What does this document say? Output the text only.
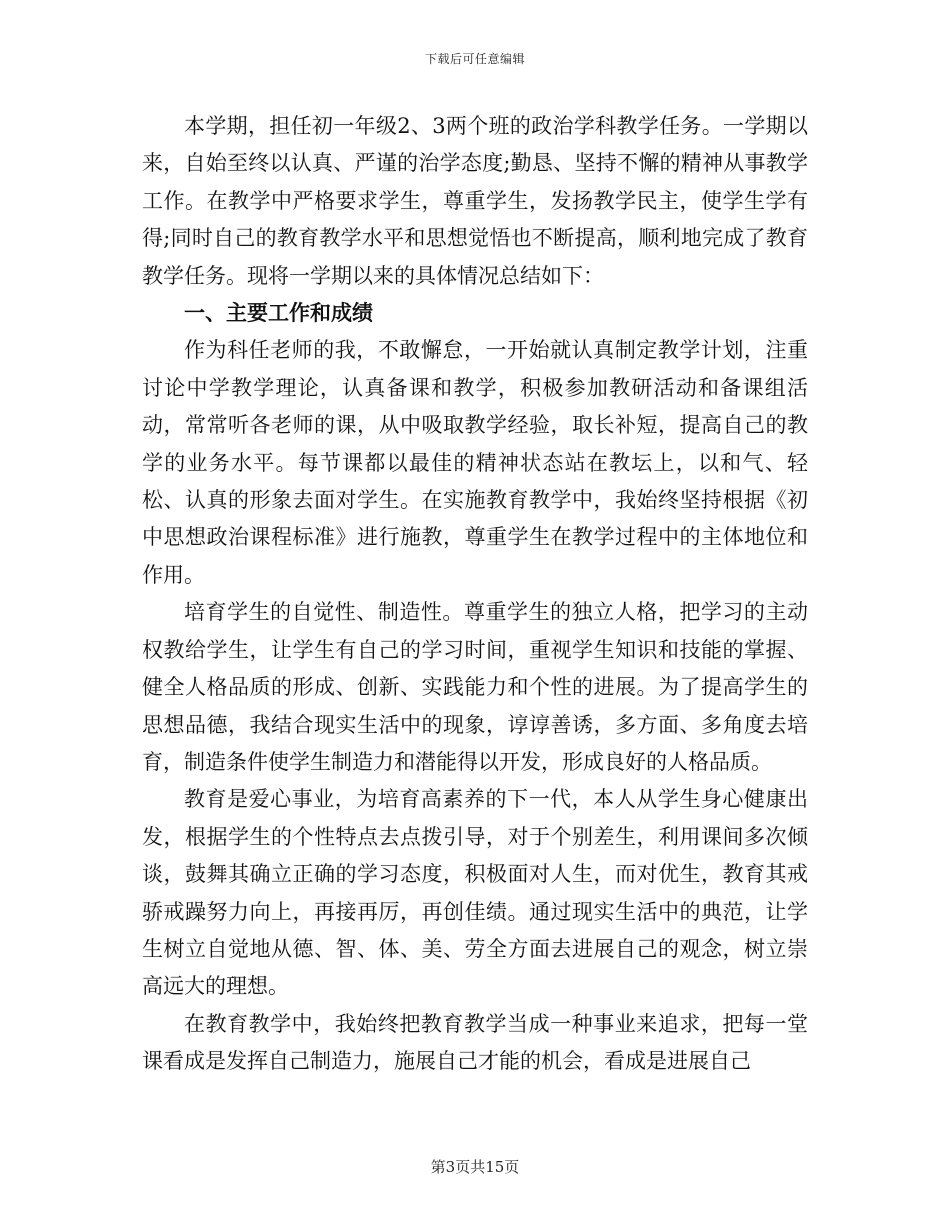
下载后可任意编辑

本学期，担任初一年级2、3两个班的政治学科教学任务。一学期以来，自始至终以认真、严谨的治学态度;勤恳、坚持不懈的精神从事教学工作。在教学中严格要求学生，尊重学生，发扬教学民主，使学生学有得;同时自己的教育教学水平和思想觉悟也不断提高，顺利地完成了教育教学任务。现将一学期以来的具体情况总结如下：

一、主要工作和成绩

作为科任老师的我，不敢懈怠，一开始就认真制定教学计划，注重讨论中学教学理论，认真备课和教学，积极参加教研活动和备课组活动，常常听各老师的课，从中吸取教学经验，取长补短，提高自己的教学的业务水平。每节课都以最佳的精神状态站在教坛上，以和气、轻松、认真的形象去面对学生。在实施教育教学中，我始终坚持根据《初中思想政治课程标准》进行施教，尊重学生在教学过程中的主体地位和作用。

培育学生的自觉性、制造性。尊重学生的独立人格，把学习的主动权教给学生，让学生有自己的学习时间，重视学生知识和技能的掌握、健全人格品质的形成、创新、实践能力和个性的进展。为了提高学生的思想品德，我结合现实生活中的现象，谆谆善诱，多方面、多角度去培育，制造条件使学生制造力和潜能得以开发，形成良好的人格品质。

教育是爱心事业，为培育高素养的下一代，本人从学生身心健康出发，根据学生的个性特点去点拨引导，对于个别差生，利用课间多次倾谈，鼓舞其确立正确的学习态度，积极面对人生，而对优生，教育其戒骄戒躁努力向上，再接再厉，再创佳绩。通过现实生活中的典范，让学生树立自觉地从德、智、体、美、劳全方面去进展自己的观念，树立崇高远大的理想。

在教育教学中，我始终把教育教学当成一种事业来追求，把每一堂课看成是发挥自己制造力，施展自己才能的机会，看成是进展自己

第3页共15页
